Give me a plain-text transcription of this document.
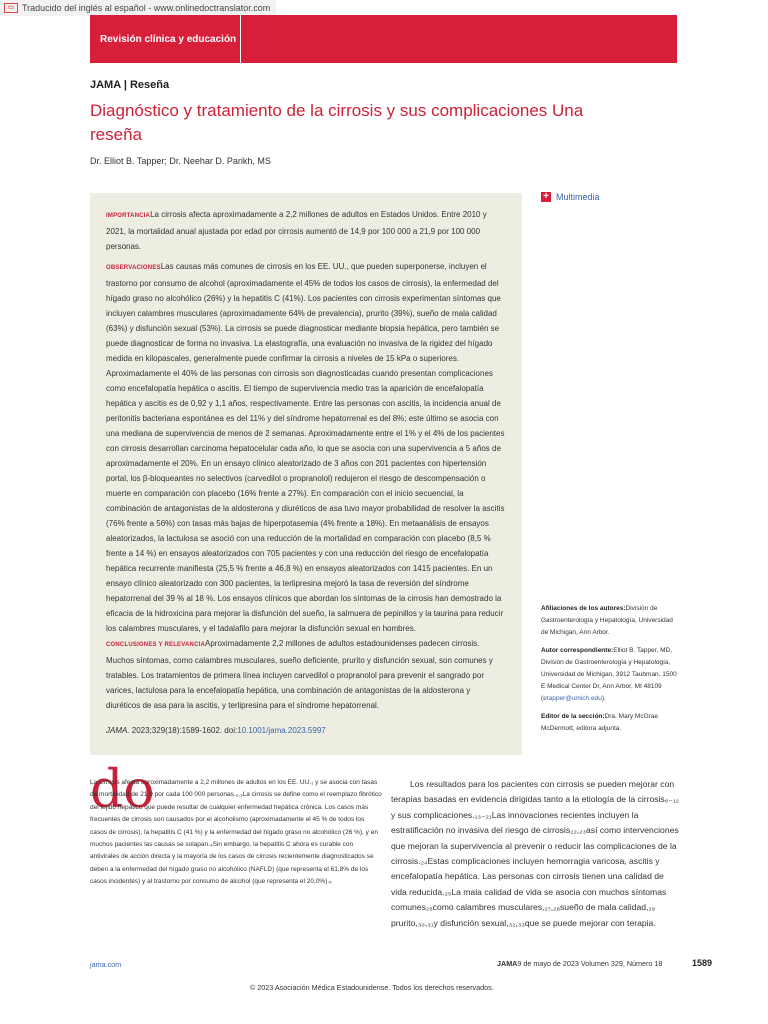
▭ Traducido del inglés al español - www.onlinedoctranslator.com
Revisión clínica y educación
JAMA | Reseña
Diagnóstico y tratamiento de la cirrosis y sus complicaciones Una reseña
Dr. Elliot B. Tapper; Dr. Neehar D. Parikh, MS
+ Multimedia
IMPORTANCIALa cirrosis afecta aproximadamente a 2,2 millones de adultos en Estados Unidos. Entre 2010 y 2021, la mortalidad anual ajustada por edad por cirrosis aumentó de 14,9 por 100 000 a 21,9 por 100 000 personas.
OBSERVACIONESLas causas más comunes de cirrosis en los EE. UU., que pueden superponerse, incluyen el trastorno por consumo de alcohol (aproximadamente el 45% de todos los casos de cirrosis), la enfermedad del hígado graso no alcohólico (26%) y la hepatitis C (41%). Los pacientes con cirrosis experimentan síntomas que incluyen calambres musculares (aproximadamente 64% de prevalencia), prurito (39%), sueño de mala calidad (63%) y disfunción sexual (53%). La cirrosis se puede diagnosticar mediante biopsia hepática, pero también se puede diagnosticar de forma no invasiva. La elastografía, una evaluación no invasiva de la rigidez del hígado medida en kilopascales, generalmente puede confirmar la cirrosis a niveles de 15 kPa o superiores. Aproximadamente el 40% de las personas con cirrosis son diagnosticadas cuando presentan complicaciones como encefalopatía hepática o ascitis. El tiempo de supervivencia medio tras la aparición de encefalopatía hepática y ascitis es de 0,92 y 1,1 años, respectivamente. Entre las personas con ascitis, la incidencia anual de peritonitis bacteriana espontánea es del 11% y del síndrome hepatorrenal es del 8%; este último se asocia con una mediana de supervivencia de menos de 2 semanas. Aproximadamente entre el 1% y el 4% de los pacientes con cirrosis desarrollan carcinoma hepatocelular cada año, lo que se asocia con una supervivencia a 5 años de aproximadamente el 20%. En un ensayo clínico aleatorizado de 3 años con 201 pacientes con hipertensión portal, los β-bloqueantes no selectivos (carvedilol o propranolol) redujeron el riesgo de descompensación o muerte en comparación con placebo (16% frente a 27%). En comparación con el inicio secuencial, la combinación de antagonistas de la aldosterona y diuréticos de asa tuvo mayor probabilidad de resolver la ascitis (76% frente a 56%) con tasas más bajas de hiperpotasemia (4% frente a 18%). En metaanálisis de ensayos aleatorizados, la lactulosa se asoció con una reducción de la mortalidad en comparación con placebo (8,5 % frente a 14 %) en ensayos aleatorizados con 705 pacientes y con una reducción del riesgo de encefalopatía hepática recurrente manifiesta (25,5 % frente a 46,8 %) en ensayos aleatorizados con 1415 pacientes. En un ensayo clínico aleatorizado con 300 pacientes, la terlipresina mejoró la tasa de reversión del síndrome hepatorrenal del 39 % al 18 %. Los ensayos clínicos que abordan los síntomas de la cirrosis han demostrado la eficacia de la hidroxicina para mejorar la disfunción del sueño, la salmuera de pepinillos y la taurina para reducir los calambres musculares, y el tadalafilo para mejorar la disfunción sexual en hombres.
CONCLUSIONES Y RELEVANCIAAproximadamente 2,2 millones de adultos estadounidenses padecen cirrosis. Muchos síntomas, como calambres musculares, sueño deficiente, prurito y disfunción sexual, son comunes y tratables. Los tratamientos de primera línea incluyen carvedilol o propranolol para prevenir el sangrado por varices, lactulosa para la encefalopatía hepática, una combinación de antagonistas de la aldosterona y diuréticos de asa para la ascitis, y terlipresina para el síndrome hepatorrenal.
JAMA. 2023;329(18):1589-1602. doi:10.1001/jama.2023.5997
Afiliaciones de los autores:División de Gastroenterología y Hepatología, Universidad de Michigan, Ann Arbor.
Autor correspondiente:Elliot B. Tapper, MD, División de Gastroenterología y Hepatología, Universidad de Michigan, 3912 Taubman, 1500 E Medical Center Dr, Ann Arbor, MI 48109 (etapper@umich.edu).
Editor de la sección:Dra. Mary McGrae McDermott, editora adjunta.
do
La cirrosis afecta aproximadamente a 2,2 millones de adultos en los EE. UU.₁ y se asocia con tasas de mortalidad de 21,9 por cada 100 000 personas.₂,₃La cirrosis se define como el reemplazo fibrótico del tejido hepático que puede resultar de cualquier enfermedad hepática crónica. Los casos más frecuentes de cirrosis son causados por el alcoholismo (aproximadamente el 45 % de todos los casos de cirrosis), la hepatitis C (41 %) y la enfermedad del hígado graso no alcohólico (26 %), y en muchos pacientes las causas se solapan.₄Sin embargo, la hepatitis C ahora es curable con antivirales de acción directa y la mayoría de los casos de cirrosis recientemente diagnosticados se deben a la enfermedad del hígado graso no alcohólico (NAFLD) (que representa el 61,8% de los casos incidentes) y al trastorno por consumo de alcohol (que representa el 20,0%).₅
Los resultados para los pacientes con cirrosis se pueden mejorar con terapias basadas en evidencia dirigidas tanto a la etiología de la cirrosis₆₋₁₂ y sus complicaciones.₁₃₋₂₁Las innovaciones recientes incluyen la estratificación no invasiva del riesgo de cirrosis₂₂,₂₃así como intervenciones que mejoran la supervivencia al prevenir o reducir las complicaciones de la cirrosis.₂₄Estas complicaciones incluyen hemorragia varicosa, ascitis y encefalopatía hepática. Las personas con cirrosis tienen una calidad de vida reducida.₂₅La mala calidad de vida se asocia con muchos síntomas comunes₂₆como calambres musculares,₂₇,₂₈sueño de mala calidad,₂₉ prurito,₃₀,₃₁y disfunción sexual,₃₂,₃₃que se puede mejorar con terapia.
jama.com	JAMA9 de mayo de 2023 Volumen 329, Número 18	1589
© 2023 Asociación Médica Estadounidense. Todos los derechos reservados.
